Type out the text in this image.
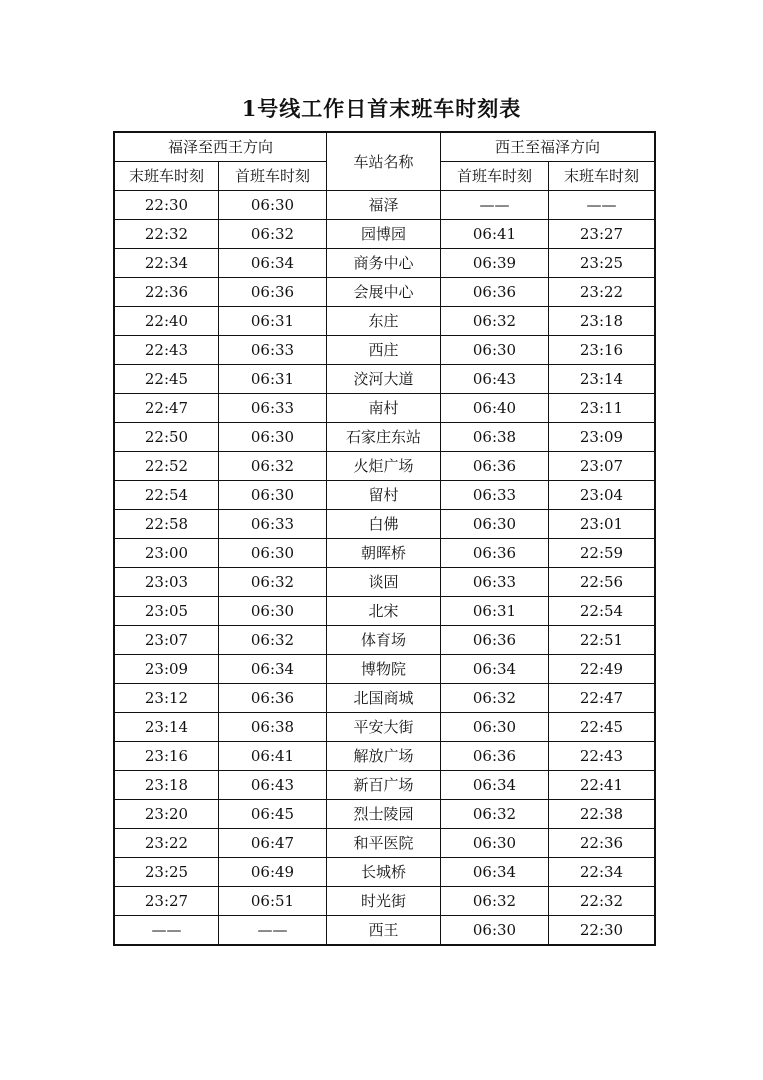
1号线工作日首末班车时刻表
福泽至西王方向		车站名称	西王至福泽方向	
末班车时刻	首班车时刻		首班车时刻	末班车时刻
22:30	06:30	福泽	——	——
22:32	06:32	园博园	06:41	23:27
22:34	06:34	商务中心	06:39	23:25
22:36	06:36	会展中心	06:36	23:22
22:40	06:31	东庄	06:32	23:18
22:43	06:33	西庄	06:30	23:16
22:45	06:31	洨河大道	06:43	23:14
22:47	06:33	南村	06:40	23:11
22:50	06:30	石家庄东站	06:38	23:09
22:52	06:32	火炬广场	06:36	23:07
22:54	06:30	留村	06:33	23:04
22:58	06:33	白佛	06:30	23:01
23:00	06:30	朝晖桥	06:36	22:59
23:03	06:32	谈固	06:33	22:56
23:05	06:30	北宋	06:31	22:54
23:07	06:32	体育场	06:36	22:51
23:09	06:34	博物院	06:34	22:49
23:12	06:36	北国商城	06:32	22:47
23:14	06:38	平安大街	06:30	22:45
23:16	06:41	解放广场	06:36	22:43
23:18	06:43	新百广场	06:34	22:41
23:20	06:45	烈士陵园	06:32	22:38
23:22	06:47	和平医院	06:30	22:36
23:25	06:49	长城桥	06:34	22:34
23:27	06:51	时光街	06:32	22:32
——	——	西王	06:30	22:30
